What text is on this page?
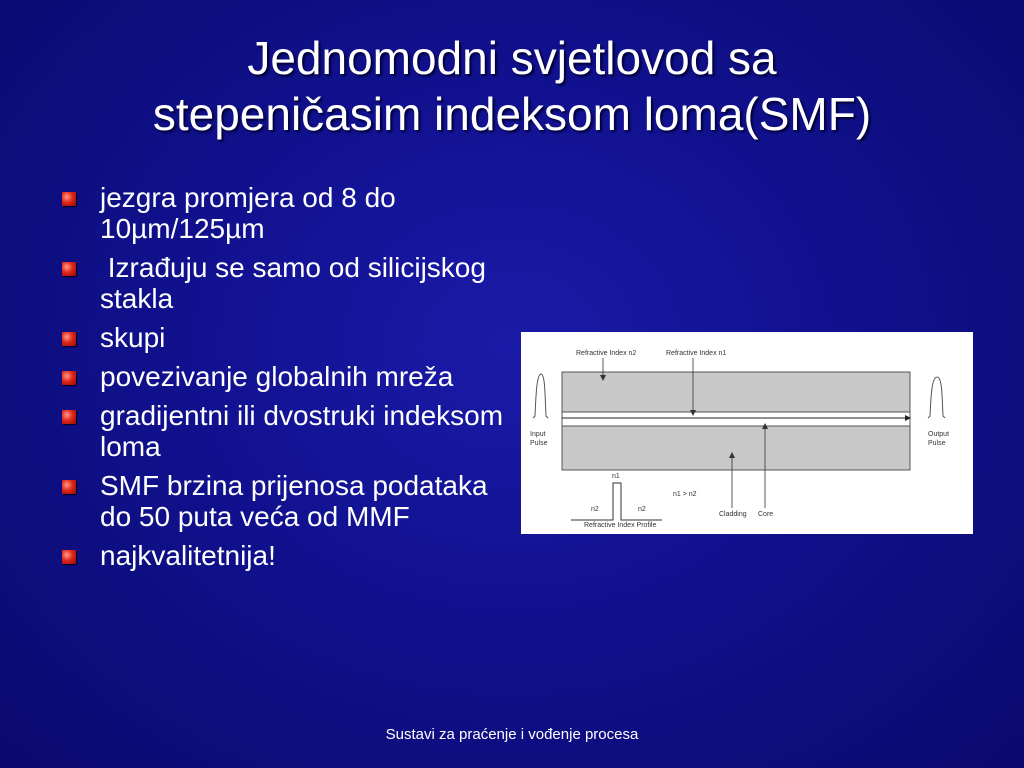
Jednomodni svjetlovod sa
stepeničasim indeksom loma(SMF)
jezgra promjera od 8 do 10µm/125µm
Izrađuju se samo od silicijskog stakla
skupi
povezivanje globalnih mreža
gradijentni ili dvostruki indeksom loma
SMF brzina prijenosa podataka do 50 puta veća od MMF
najkvalitetnija!
Input
Pulse
Output
Pulse
Refractive Index n2	Refractive Index n1
Cladding Core
n1 > n2
n1
n2	n2
Refractive Index Profile
Sustavi za praćenje i vođenje procesa
